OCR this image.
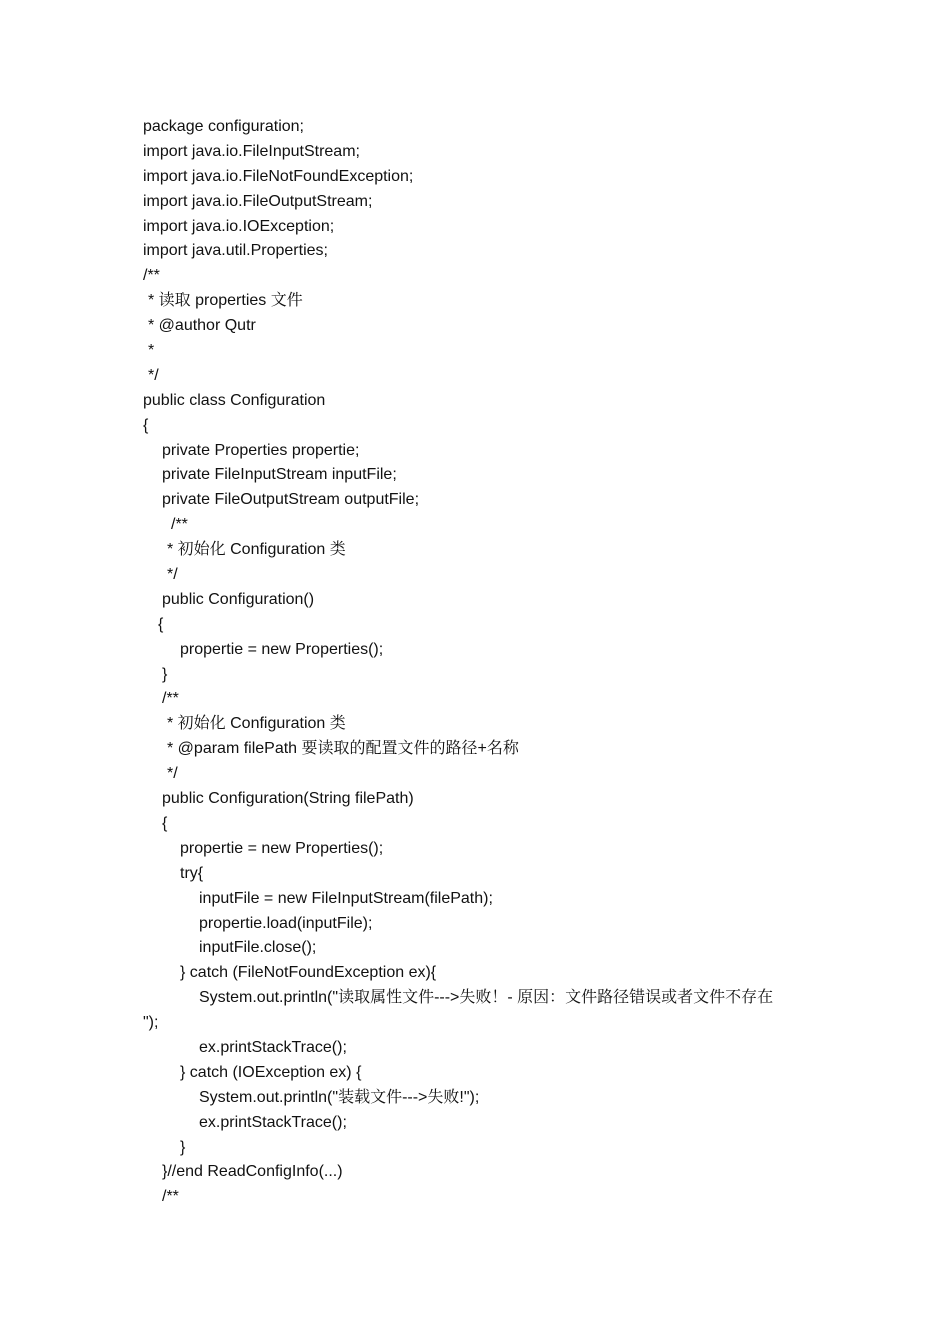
package configuration;
import java.io.FileInputStream;
import java.io.FileNotFoundException;
import java.io.FileOutputStream;
import java.io.IOException;
import java.util.Properties;
/**
* 读取 properties 文件
* @author Qutr
*
*/
public class Configuration
{
private Properties propertie;
private FileInputStream inputFile;
private FileOutputStream outputFile;
/**
* 初始化 Configuration 类
*/
public Configuration()
{
propertie = new Properties();
}
/**
* 初始化 Configuration 类
* @param filePath 要读取的配置文件的路径+名称
*/
public Configuration(String filePath)
{
propertie = new Properties();
try{
inputFile = new FileInputStream(filePath);
propertie.load(inputFile);
inputFile.close();
} catch (FileNotFoundException ex){
System.out.println("读取属性文件--->失败！- 原因：文件路径错误或者文件不存在
");
ex.printStackTrace();
} catch (IOException ex) {
System.out.println("装载文件--->失败!");
ex.printStackTrace();
}
}//end ReadConfigInfo(...)
/**
